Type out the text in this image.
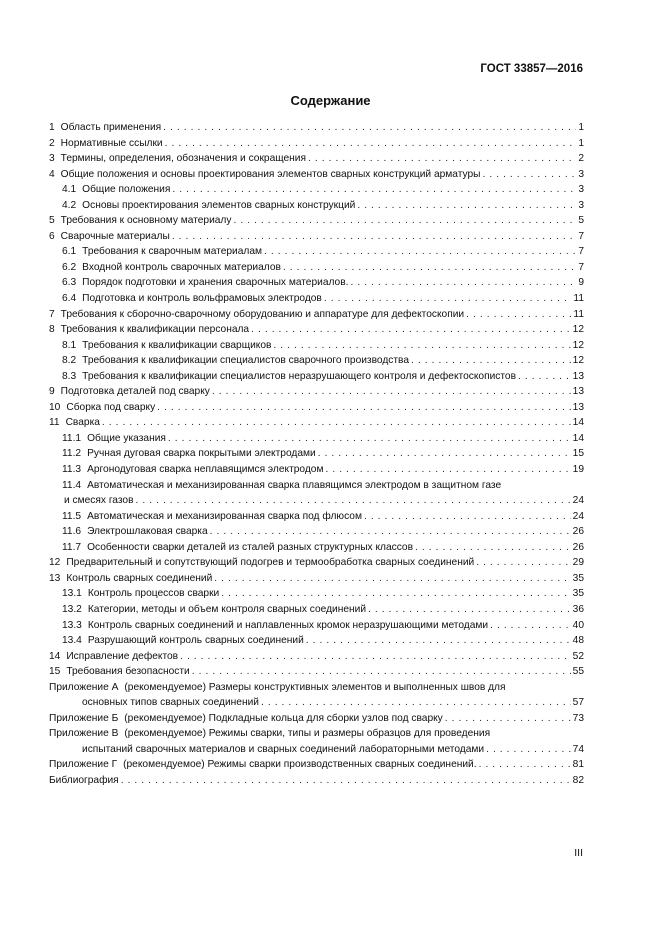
ГОСТ 33857—2016
Содержание
1 Область применения . . .	1
2 Нормативные ссылки . . .	1
3 Термины, определения, обозначения и сокращения . . .	2
4 Общие положения и основы проектирования элементов сварных конструкций арматуры . . .	3
4.1 Общие положения . . .	3
4.2 Основы проектирования элементов сварных конструкций . . .	3
5 Требования к основному материалу . . .	5
6 Сварочные материалы . . .	7
6.1 Требования к сварочным материалам . . .	7
6.2 Входной контроль сварочных материалов . . .	7
6.3 Порядок подготовки и хранения сварочных материалов. . . .	9
6.4 Подготовка и контроль вольфрамовых электродов . . .	11
7 Требования к сборочно-сварочному оборудованию и аппаратуре для дефектоскопии . . .	11
8 Требования к квалификации персонала . . .	12
8.1 Требования к квалификации сварщиков . . .	12
8.2 Требования к квалификации специалистов сварочного производства . . .	12
8.3 Требования к квалификации специалистов неразрушающего контроля и дефектоскопистов . . .	13
9 Подготовка деталей под сварку . . .	13
10 Сборка под сварку . . .	13
11 Сварка . . .	14
11.1 Общие указания . . .	14
11.2 Ручная дуговая сварка покрытыми электродами . . .	15
11.3 Аргонодуговая сварка неплавящимся электродом . . .	19
11.4 Автоматическая и механизированная сварка плавящимся электродом в защитном газе
и смесях газов . . .	24
11.5 Автоматическая и механизированная сварка под флюсом . . .	24
11.6 Электрошлаковая сварка . . .	26
11.7 Особенности сварки деталей из сталей разных структурных классов . . .	26
12 Предварительный и сопутствующий подогрев и термообработка сварных соединений . . .	29
13 Контроль сварных соединений . . .	35
13.1 Контроль процессов сварки . . .	35
13.2 Категории, методы и объем контроля сварных соединений . . .	36
13.3 Контроль сварных соединений и наплавленных кромок неразрушающими методами . . .	40
13.4 Разрушающий контроль сварных соединений . . .	48
14 Исправление дефектов . . .	52
15 Требования безопасности . . .	55
Приложение А (рекомендуемое) Размеры конструктивных элементов и выполненных швов для
основных типов сварных соединений . . .	57
Приложение Б (рекомендуемое) Подкладные кольца для сборки узлов под сварку . . .	73
Приложение В (рекомендуемое) Режимы сварки, типы и размеры образцов для проведения
испытаний сварочных материалов и сварных соединений лабораторными методами . . .	74
Приложение Г (рекомендуемое) Режимы сварки производственных сварных соединений. . . .	81
Библиография . . .	82
III
